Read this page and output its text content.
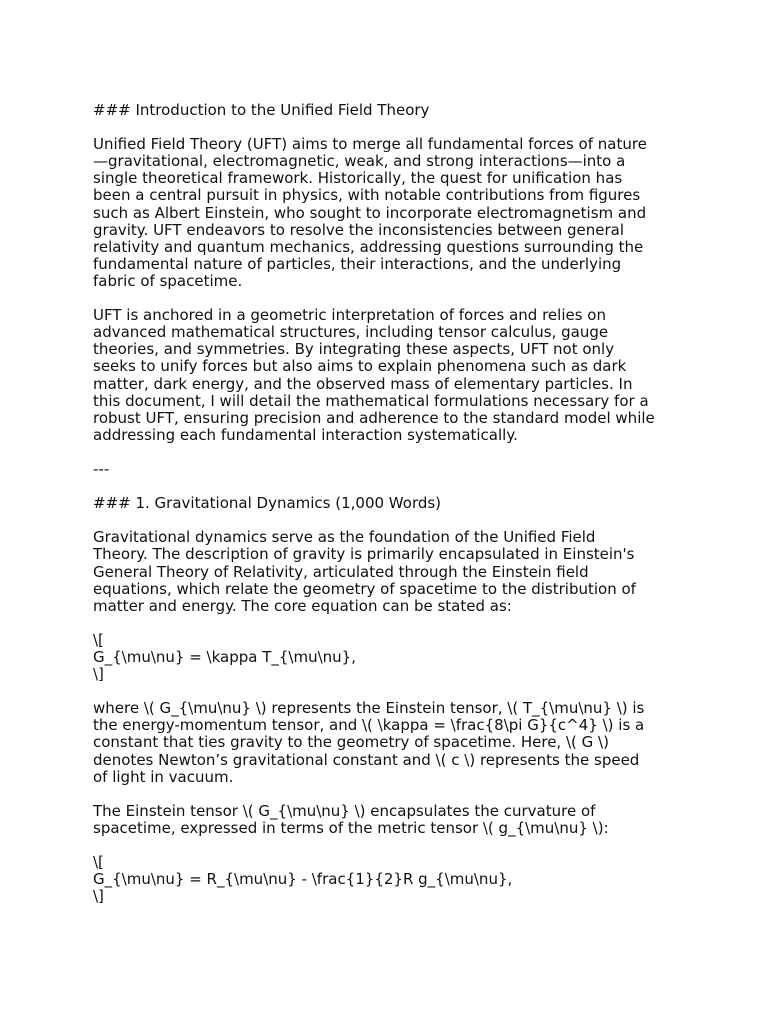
### Introduction to the Unified Field Theory

Unified Field Theory (UFT) aims to merge all fundamental forces of nature
—gravitational, electromagnetic, weak, and strong interactions—into a
single theoretical framework. Historically, the quest for unification has
been a central pursuit in physics, with notable contributions from figures
such as Albert Einstein, who sought to incorporate electromagnetism and
gravity. UFT endeavors to resolve the inconsistencies between general
relativity and quantum mechanics, addressing questions surrounding the
fundamental nature of particles, their interactions, and the underlying
fabric of spacetime.

UFT is anchored in a geometric interpretation of forces and relies on
advanced mathematical structures, including tensor calculus, gauge
theories, and symmetries. By integrating these aspects, UFT not only
seeks to unify forces but also aims to explain phenomena such as dark
matter, dark energy, and the observed mass of elementary particles. In
this document, I will detail the mathematical formulations necessary for a
robust UFT, ensuring precision and adherence to the standard model while
addressing each fundamental interaction systematically.

---

### 1. Gravitational Dynamics (1,000 Words)

Gravitational dynamics serve as the foundation of the Unified Field
Theory. The description of gravity is primarily encapsulated in Einstein's
General Theory of Relativity, articulated through the Einstein field
equations, which relate the geometry of spacetime to the distribution of
matter and energy. The core equation can be stated as:

\[
G_{\mu\nu} = \kappa T_{\mu\nu},
\]

where \( G_{\mu\nu} \) represents the Einstein tensor, \( T_{\mu\nu} \) is
the energy-momentum tensor, and \( \kappa = \frac{8\pi G}{c^4} \) is a
constant that ties gravity to the geometry of spacetime. Here, \( G \)
denotes Newton’s gravitational constant and \( c \) represents the speed
of light in vacuum.

The Einstein tensor \( G_{\mu\nu} \) encapsulates the curvature of
spacetime, expressed in terms of the metric tensor \( g_{\mu\nu} \):

\[
G_{\mu\nu} = R_{\mu\nu} - \frac{1}{2}R g_{\mu\nu},
\]
